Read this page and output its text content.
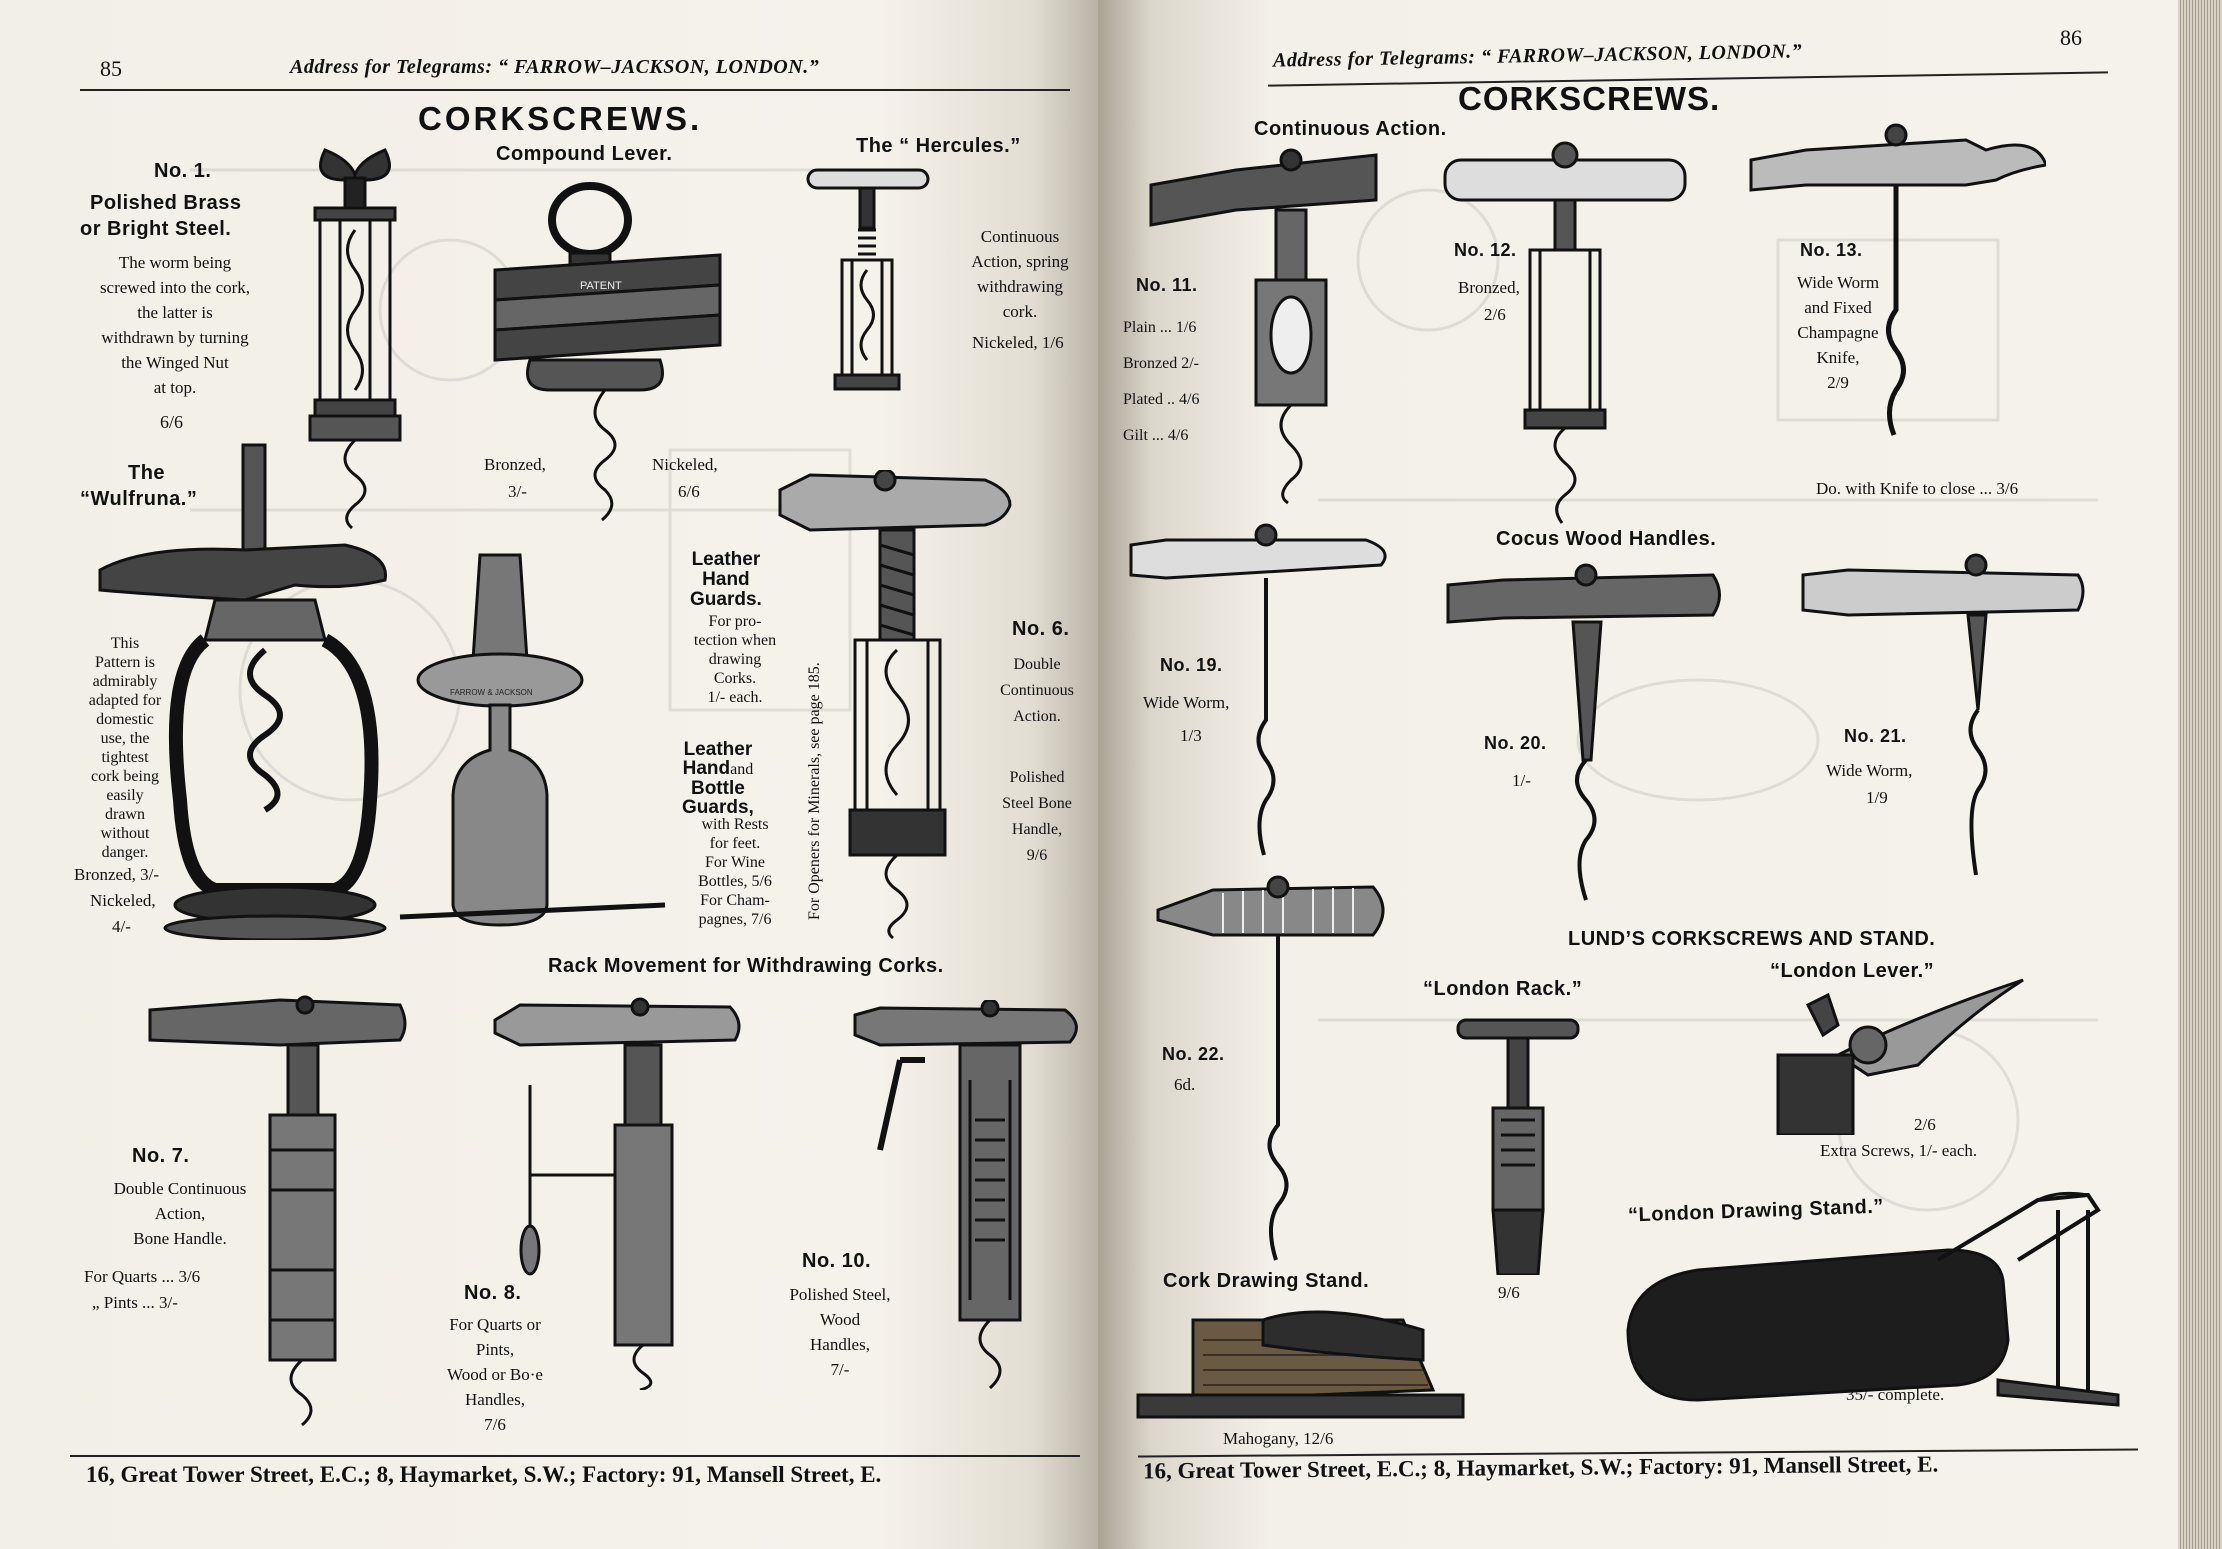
85	Address for Telegrams: “ FARROW–JACKSON, LONDON.”
CORKSCREWS.
No. 1.
Polished Brass
or Bright Steel.
The worm being
screwed into the cork,
the latter is
withdrawn by turning
the Winged Nut
at top.
6/6
Compound Lever.
PATENT
Bronzed,
3/-
Nickeled,
6/6
The “ Hercules.”
Continuous
Action, spring
withdrawing
cork.
Nickeled, 1/6
The
“Wulfruna.”
This
Pattern is
admirably
adapted for
domestic
use, the
tightest
cork being
easily
drawn
without
danger.
Bronzed, 3/-
Nickeled,
4/-
FARROW & JACKSON
Leather
Hand
Guards.
For pro-
tection when
drawing
Corks.
1/- each.
Leather
Handand
Bottle
Guards,
with Rests
for feet.
For Wine
Bottles, 5/6
For Cham-
pagnes, 7/6	For Openers for Minerals, see page 185.
No. 6.
Double
Continuous
Action.
Polished
Steel Bone
Handle,
9/6
Rack Movement for Withdrawing Corks.
No. 7.
Double Continuous
Action,
Bone Handle.
For Quarts ... 3/6
„ Pints ... 3/-	No. 8.
For Quarts or
Pints,
Wood or Bo·e
Handles,
7/6
No. 10.
Polished Steel,
Wood
Handles,
7/-
16, Great Tower Street, E.C.; 8, Haymarket, S.W.; Factory: 91, Mansell Street, E.
Address for Telegrams: “ FARROW–JACKSON, LONDON.”
86
CORKSCREWS.
Continuous Action.
No. 11.
Plain ... 1/6
Bronzed 2/-
Plated .. 4/6
Gilt ... 4/6
No. 12.
Bronzed,
2/6
No. 13.
Wide Worm
and Fixed
Champagne
Knife,
2/9
Do. with Knife to close ... 3/6
Cocus Wood Handles.
No. 19.
Wide Worm,
1/3	No. 20.
1/-
No. 21.
Wide Worm,
1/9
No. 22.
6d.
LUND’S CORKSCREWS AND STAND.
“London Rack.”
“London Lever.”
9/6
2/6
Extra Screws, 1/- each.
“London Drawing Stand.”
35/- complete.
Cork Drawing Stand.
Mahogany, 12/6
16, Great Tower Street, E.C.; 8, Haymarket, S.W.; Factory: 91, Mansell Street, E.
